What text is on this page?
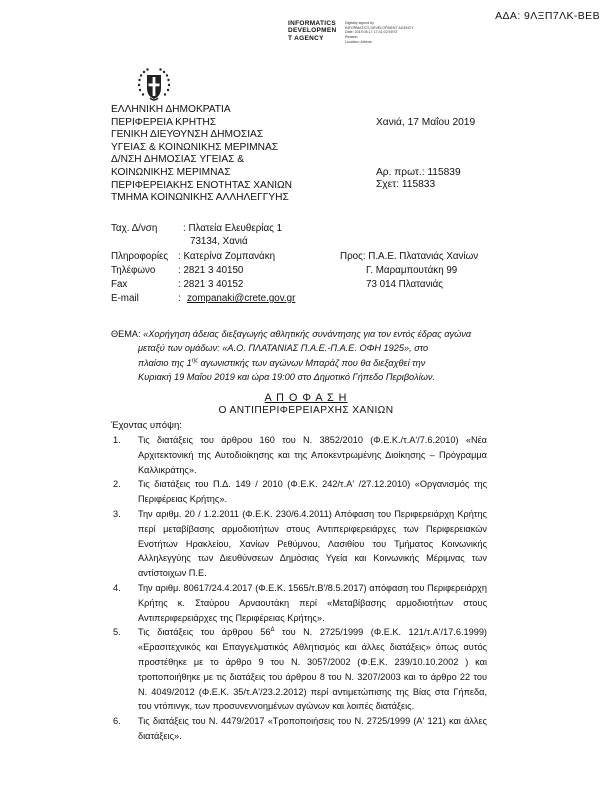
ΑΔΑ: 9ΛΞΠ7ΛΚ-ΒΕΒ
INFORMATICS
DEVELOPMEN
T AGENCY
Digitally signed by
INFORMATICS DEVELOPMENT AGENCY
Date: 2019.05.17 17:41:02 EEST
Reason:
Location: Athens
ΕΛΛΗΝΙΚΗ ΔΗΜΟΚΡΑΤΙΑ
ΠΕΡΙΦΕΡΕΙΑ ΚΡΗΤΗΣ
ΓΕΝΙΚΗ ΔΙΕΥΘΥΝΣΗ ΔΗΜΟΣΙΑΣ
ΥΓΕΙΑΣ & ΚΟΙΝΩΝΙΚΗΣ ΜΕΡΙΜΝΑΣ
Δ/ΝΣΗ ΔΗΜΟΣΙΑΣ ΥΓΕΙΑΣ &
ΚΟΙΝΩΝΙΚΗΣ ΜΕΡΙΜΝΑΣ
ΠΕΡΙΦΕΡΕΙΑΚΗΣ ΕΝΟΤΗΤΑΣ ΧΑΝΙΩΝ
ΤΜΗΜΑ ΚΟΙΝΩΝΙΚΗΣ ΑΛΛΗΛΕΓΓΥΗΣ
Χανιά, 17 Μαΐου 2019
Αρ. πρωτ.: 115839
Σχετ: 115833
Ταχ. Δ/νση	: Πλατεία Ελευθερίας 1
73134, Χανιά
Πληροφορίες : Κατερίνα Ζομπανάκη
Τηλέφωνο : 2821 3 40150
Fax	: 2821 3 40152
E-mail	: zompanaki@crete.gov.gr
Προς: Π.Α.Ε. Πλατανιάς Χανίων
Γ. Μαραμπουτάκη 99
73 014 Πλατανιάς

ΘΕΜΑ: «Χορήγηση άδειας διεξαγωγής αθλητικής συνάντησης για τον εντός έδρας αγώνα

μεταξύ των ομάδων: «Α.Ο. ΠΛΑΤΑΝΙΑΣ Π.Α.Ε.-Π.Α.Ε. ΟΦΗ 1925», στο

πλαίσιο της $1^{\eta\varsigma}$ αγωνιστικής των αγώνων Μπαράζ που θα διεξαχθεί την

Κυριακή 19 Μαΐου 2019 και ώρα 19:00 στο Δημοτικό Γήπεδο Περιβολίων.

Α Π Ο Φ Α Σ Η
Ο ΑΝΤΙΠΕΡΙΦΕΡΕΙΑΡΧΗΣ ΧΑΝΙΩΝ
Έχοντας υπόψη:
1. Τις διατάξεις του άρθρου 160 του Ν. 3852/2010 (Φ.Ε.Κ./τ.Α'/7.6.2010) «Νέα Αρχιτεκτονική της Αυτοδιοίκησης και της Αποκεντρωμένης Διοίκησης – Πρόγραμμα Καλλικράτης».
2. Τις διατάξεις του Π.Δ. 149 / 2010 (Φ.Ε.Κ. 242/τ.Α' /27.12.2010) «Οργανισμός της Περιφέρειας Κρήτης».
3. Την αριθμ. 20 / 1.2.2011 (Φ.Ε.Κ. 230/6.4.2011) Απόφαση του Περιφερειάρχη Κρήτης περί μεταβίβασης αρμοδιοτήτων στους Αντιπεριφερειάρχες των Περιφερειακών Ενοτήτων Ηρακλείου, Χανίων Ρεθύμνου, Λασιθίου του Τμήματος Κοινωνικής Αλληλεγγύης των Διευθύνσεων Δημόσιας Υγεία και Κοινωνικής Μέριμνας των αντίστοιχων Π.Ε.
4. Την αριθμ. 80617/24.4.2017 (Φ.Ε.Κ. 1565/τ.Β'/8.5.2017) απόφαση του Περιφερειάρχη Κρήτης κ. Σταύρου Αρναουτάκη περί «Μεταβίβασης αρμοδιοτήτων στους Αντιπεριφερειάρχες της Περιφέρειας Κρήτης».
5. Τις διατάξεις του άρθρου $56^\Delta$ του Ν. 2725/1999 (Φ.Ε.Κ. 121/τ.Α'/17.6.1999) «Ερασιτεχνικός και Επαγγελματικός Αθλητισμός και άλλες διατάξεις» όπως αυτός προστέθηκε με το άρθρο 9 του Ν. 3057/2002 (Φ.Ε.Κ. 239/10.10.2002 ) και τροποποιήθηκε με τις διατάξεις του άρθρου 8 του Ν. 3207/2003 και το άρθρο 22 του Ν. 4049/2012 (Φ.Ε.Κ. 35/τ.Α'/23.2.2012) περί αντιμετώπισης της Βίας στα Γήπεδα, του ντόπινγκ, των προσυνεννοημένων αγώνων και λοιπές διατάξεις.
6. Τις διατάξεις του Ν. 4479/2017 «Τροποποιήσεις του Ν. 2725/1999 (Α' 121) και άλλες διατάξεις».
